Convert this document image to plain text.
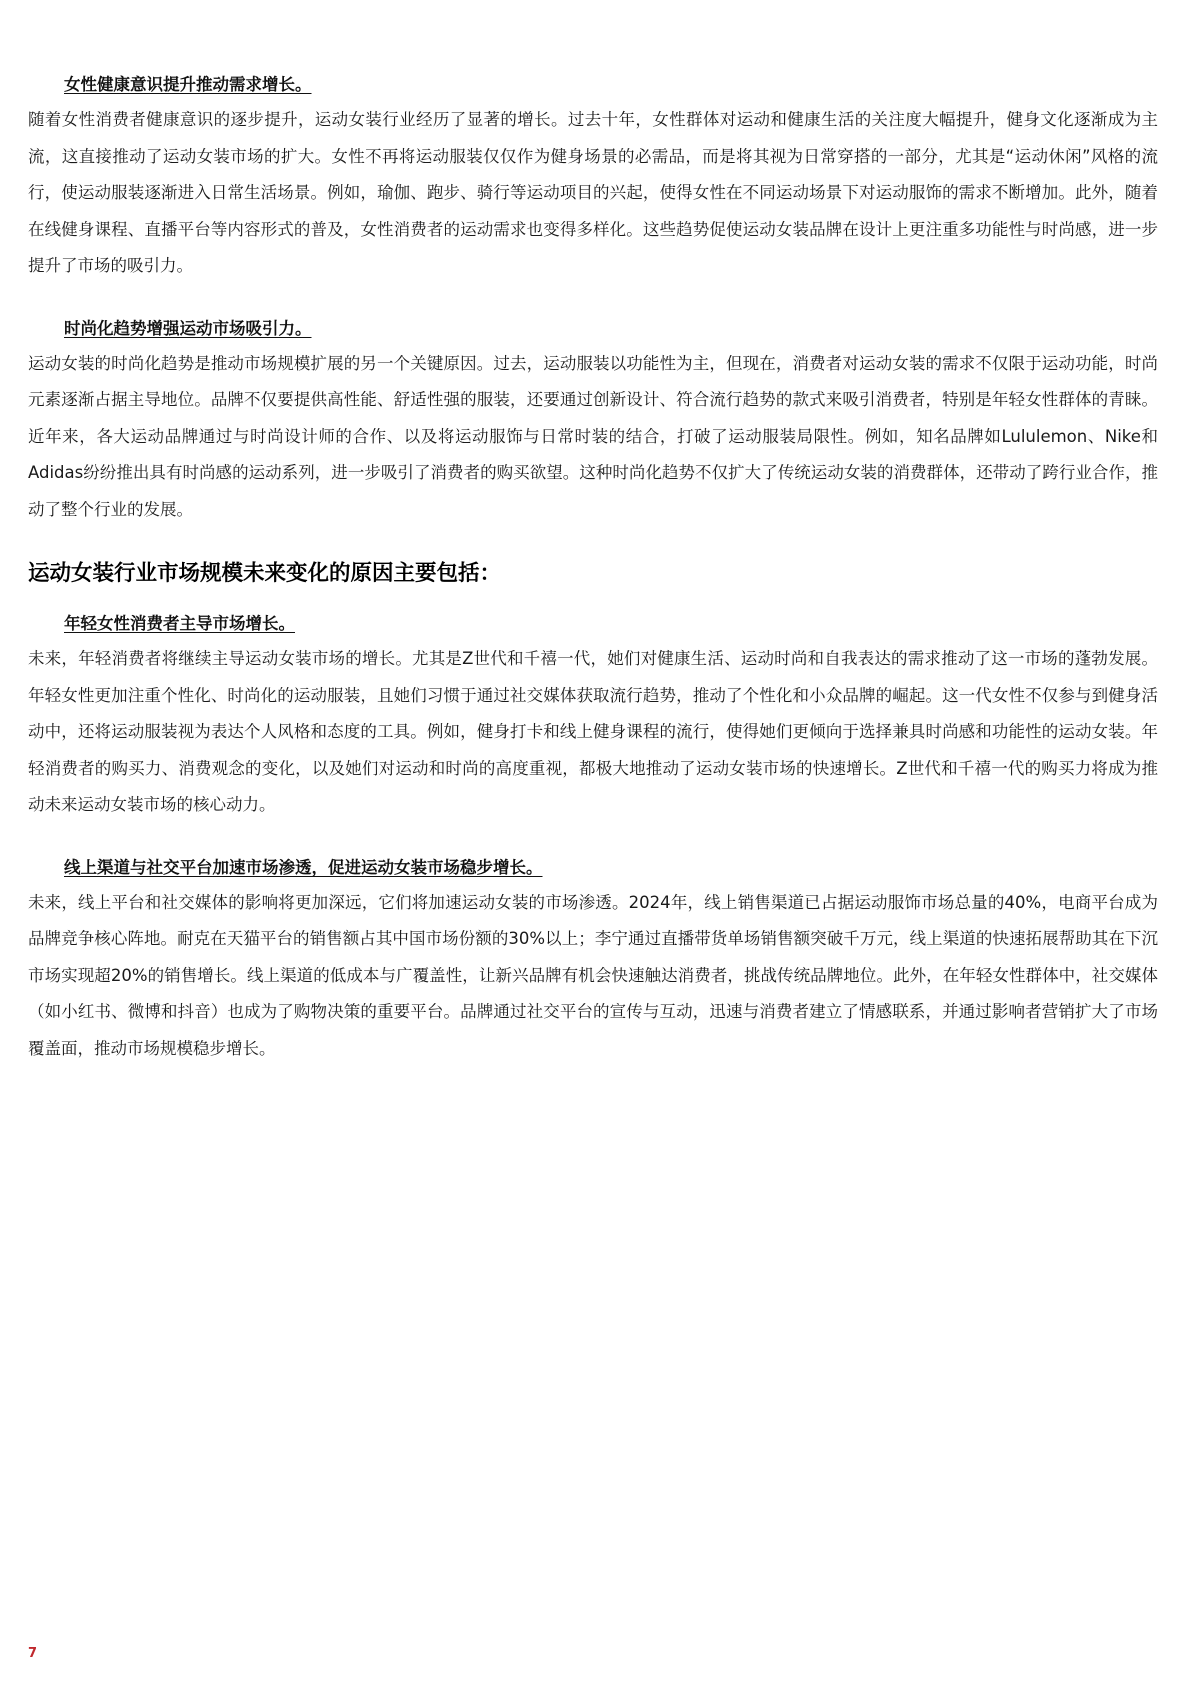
女性健康意识提升推动需求增长。

随着女性消费者健康意识的逐步提升，运动女装行业经历了显著的增长。过去十年，女性群体对运动和健康生活的关注度大幅提升，健身文化逐渐成为主流，这直接推动了运动女装市场的扩大。女性不再将运动服装仅仅作为健身场景的必需品，而是将其视为日常穿搭的一部分，尤其是“运动休闲”风格的流行，使运动服装逐渐进入日常生活场景。例如，瑜伽、跑步、骑行等运动项目的兴起，使得女性在不同运动场景下对运动服饰的需求不断增加。此外，随着在线健身课程、直播平台等内容形式的普及，女性消费者的运动需求也变得多样化。这些趋势促使运动女装品牌在设计上更注重多功能性与时尚感，进一步提升了市场的吸引力。

时尚化趋势增强运动市场吸引力。

运动女装的时尚化趋势是推动市场规模扩展的另一个关键原因。过去，运动服装以功能性为主，但现在，消费者对运动女装的需求不仅限于运动功能，时尚元素逐渐占据主导地位。品牌不仅要提供高性能、舒适性强的服装，还要通过创新设计、符合流行趋势的款式来吸引消费者，特别是年轻女性群体的青睐。近年来，各大运动品牌通过与时尚设计师的合作、以及将运动服饰与日常时装的结合，打破了运动服装局限性。例如，知名品牌如Lululemon、Nike和Adidas纷纷推出具有时尚感的运动系列，进一步吸引了消费者的购买欲望。这种时尚化趋势不仅扩大了传统运动女装的消费群体，还带动了跨行业合作，推动了整个行业的发展。

运动女装行业市场规模未来变化的原因主要包括：
年轻女性消费者主导市场增长。

未来，年轻消费者将继续主导运动女装市场的增长。尤其是Z世代和千禧一代，她们对健康生活、运动时尚和自我表达的需求推动了这一市场的蓬勃发展。年轻女性更加注重个性化、时尚化的运动服装，且她们习惯于通过社交媒体获取流行趋势，推动了个性化和小众品牌的崛起。这一代女性不仅参与到健身活动中，还将运动服装视为表达个人风格和态度的工具。例如，健身打卡和线上健身课程的流行，使得她们更倾向于选择兼具时尚感和功能性的运动女装。年轻消费者的购买力、消费观念的变化，以及她们对运动和时尚的高度重视，都极大地推动了运动女装市场的快速增长。Z世代和千禧一代的购买力将成为推动未来运动女装市场的核心动力。

线上渠道与社交平台加速市场渗透，促进运动女装市场稳步增长。

未来，线上平台和社交媒体的影响将更加深远，它们将加速运动女装的市场渗透。2024年，线上销售渠道已占据运动服饰市场总量的40%，电商平台成为品牌竞争核心阵地。耐克在天猫平台的销售额占其中国市场份额的30%以上；李宁通过直播带货单场销售额突破千万元，线上渠道的快速拓展帮助其在下沉市场实现超20%的销售增长。线上渠道的低成本与广覆盖性，让新兴品牌有机会快速触达消费者，挑战传统品牌地位。此外，在年轻女性群体中，社交媒体（如小红书、微博和抖音）也成为了购物决策的重要平台。品牌通过社交平台的宣传与互动，迅速与消费者建立了情感联系，并通过影响者营销扩大了市场覆盖面，推动市场规模稳步增长。

7
